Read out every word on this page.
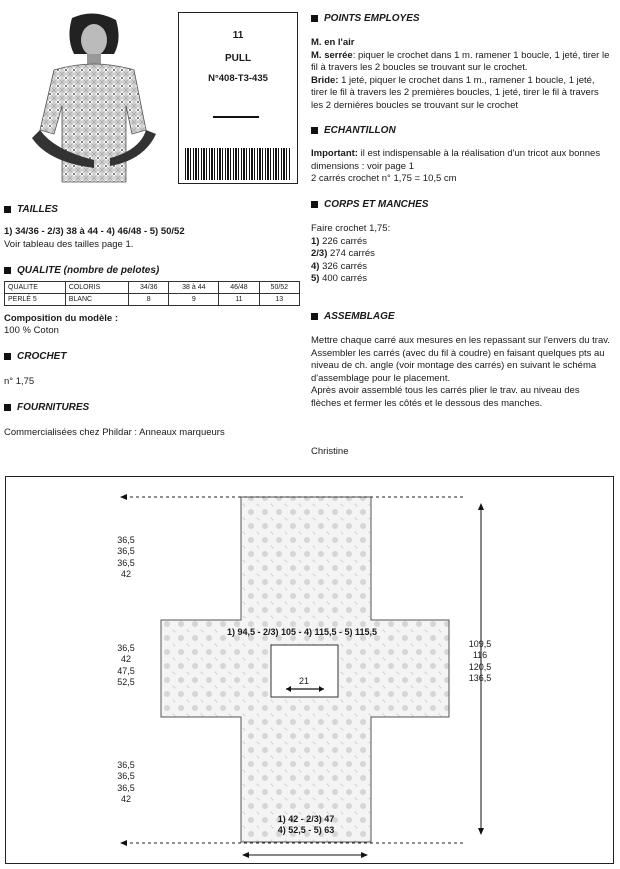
11
PULL
N°408-T3-435
TAILLES
1) 34/36 - 2/3) 38 à 44 - 4) 46/48 - 5) 50/52
Voir tableau des tailles page 1.
QUALITE (nombre de pelotes)
QUALITE	COLORIS	34/36	38 à 44	46/48	50/52
PERLÉ 5	BLANC	8	9	11	13
Composition du modèle :
100 % Coton
CROCHET
n° 1,75
FOURNITURES
Commercialisées chez Phildar : Anneaux marqueurs
POINTS EMPLOYES
M. en l'air
M. serrée: piquer le crochet dans 1 m. ramener 1 boucle, 1 jeté, tirer le fil à travers les 2 boucles se trouvant sur le crochet.
Bride: 1 jeté, piquer le crochet dans 1 m., ramener 1 boucle, 1 jeté, tirer le fil à travers les 2 premières boucles, 1 jeté, tirer le fil à travers les 2 dernières boucles se trouvant sur le crochet
ECHANTILLON
Important: il est indispensable à la réalisation d'un tricot aux bonnes dimensions : voir page 1
2 carrés crochet n° 1,75 = 10,5 cm
CORPS ET MANCHES
Faire crochet 1,75:
1) 226 carrés
2/3) 274 carrés
4) 326 carrés
5) 400 carrés
ASSEMBLAGE
Mettre chaque carré aux mesures en les repassant sur l'envers du trav.
Assembler les carrés (avec du fil à coudre) en faisant quelques pts au niveau de ch. angle (voir montage des carrés) en suivant le schéma d'assemblage pour le placement.
Après avoir assemblé tous les carrés plier le trav. au niveau des flèches et fermer les côtés et le dessous des manches.
Christine
36,5
36,5
36,5
42
36,5
42
47,5
52,5
36,5
36,5
36,5
42
1) 94,5 - 2/3) 105 - 4) 115,5 - 5) 115,5
21
109,5
116
120,5
136,5
1) 42 - 2/3) 47
4) 52,5 - 5) 63
